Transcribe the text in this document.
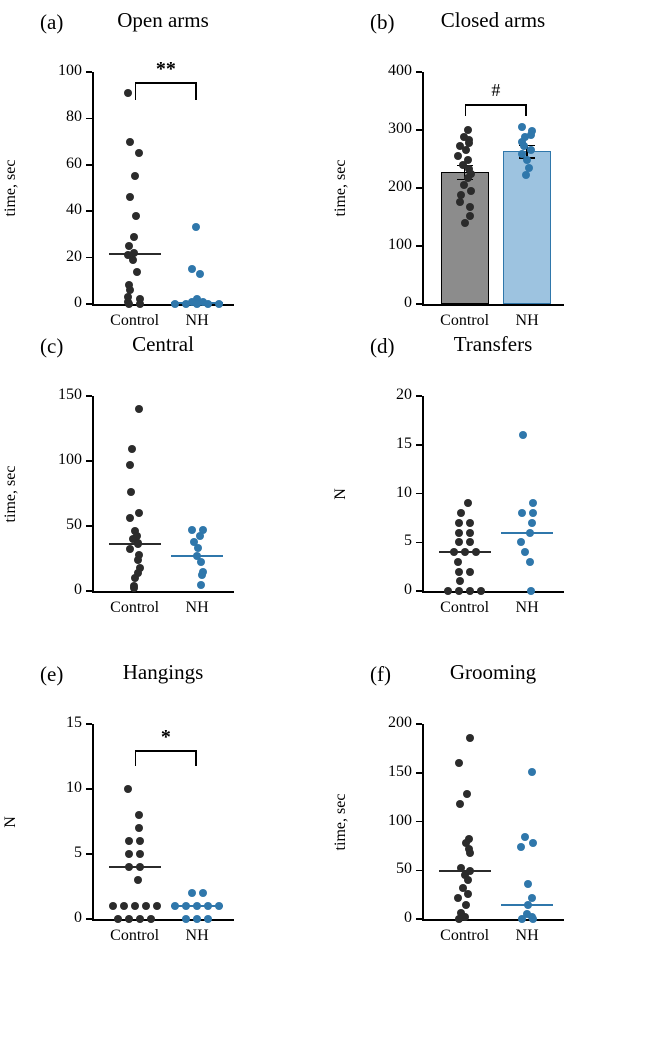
(a)	Open arms
0
20
40
60
80
100
time, sec
Control	NH
**
(b)	Closed arms
0
100
200
300
400
time, sec
Control	NH
#
(c)	Central
0
50
100
150
time, sec
Control	NH
(d)	Transfers
0
5
10
15
20
N
Control	NH
(e)	Hangings
0
5
10
15
N
Control	NH
*
(f)	Grooming
0
50
100
150
200
time, sec
Control	NH
